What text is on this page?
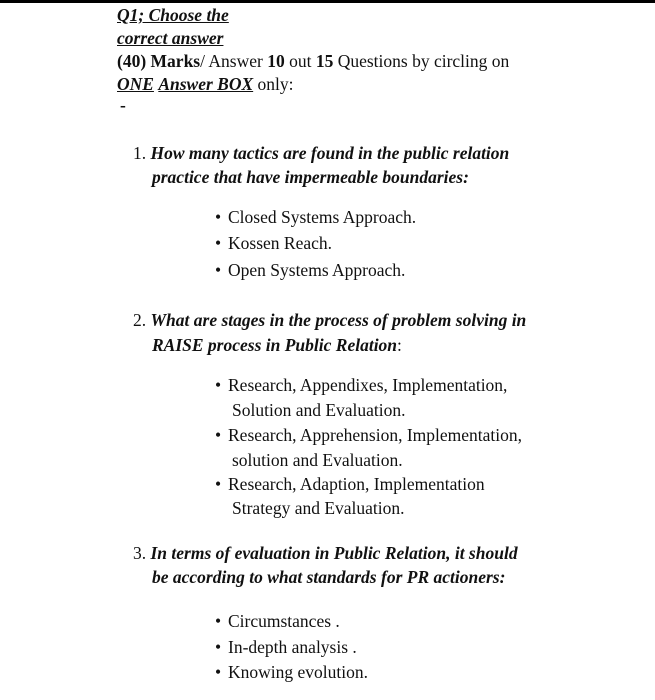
Q1; Choose the
correct answer
(40) Marks/ Answer 10 out 15 Questions by circling on
ONE Answer BOX only:
-
1. How many tactics are found in the public relation
practice that have impermeable boundaries:
• Closed Systems Approach.
• Kossen Reach.
• Open Systems Approach.
2. What are stages in the process of problem solving in
RAISE process in Public Relation:
• Research, Appendixes, Implementation,
Solution and Evaluation.
• Research, Apprehension, Implementation,
solution and Evaluation.
• Research, Adaption, Implementation
Strategy and Evaluation.
3. In terms of evaluation in Public Relation, it should
be according to what standards for PR actioners:
• Circumstances .
• In-depth analysis .
• Knowing evolution.
